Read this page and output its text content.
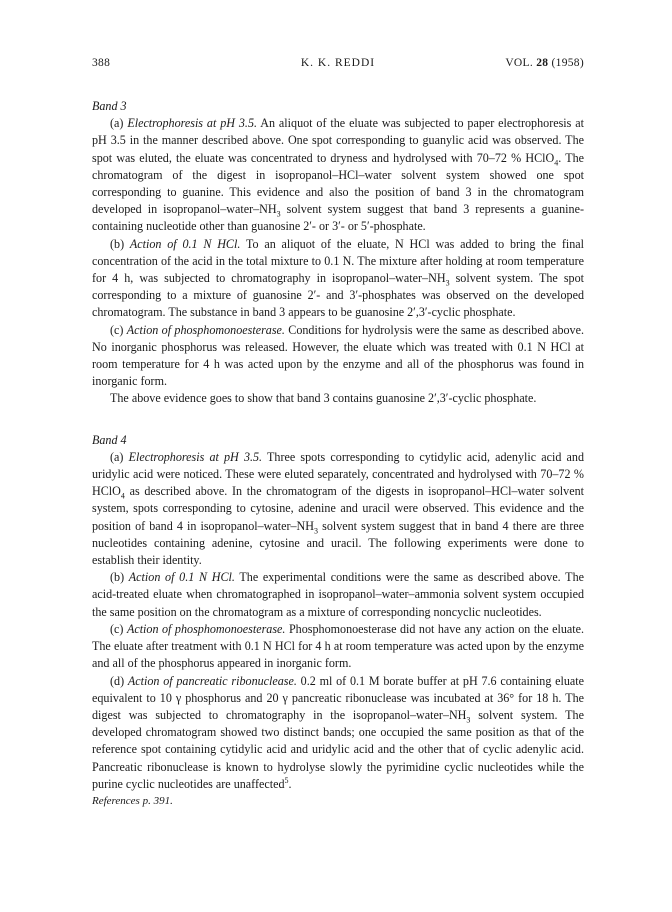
388	K. K. REDDI	VOL. 28 (1958)

Band 3

(a) Electrophoresis at pH 3.5. An aliquot of the eluate was subjected to paper electrophoresis at pH 3.5 in the manner described above. One spot corresponding to guanylic acid was observed. The spot was eluted, the eluate was concentrated to dryness and hydrolysed with 70–72 % HClO$_4$. The chromatogram of the digest in isopropanol–HCl–water solvent system showed one spot corresponding to guanine. This evidence and also the position of band 3 in the chromatogram developed in isopropanol–$water-NH_3$ solvent system suggest that band 3 represents a guanine-containing nucleotide other than guanosine 2′- or 3′- or 5′-phosphate.

(b) Action of 0.1 N HCl. To an aliquot of the eluate, N HCl was added to bring the final concentration of the acid in the total mixture to 0.1 N. The mixture after holding at room temperature for 4 h, was subjected to chromatography in isopropanol–$water-NH_3$ solvent system. The spot corresponding to a mixture of guanosine 2′- and 3′-phosphates was observed on the developed chromatogram. The substance in band 3 appears to be guanosine 2′,3′-cyclic phosphate.

(c) Action of phosphomonoesterase. Conditions for hydrolysis were the same as described above. No inorganic phosphorus was released. However, the eluate which was treated with 0.1 N HCl at room temperature for 4 h was acted upon by the enzyme and all of the phosphorus was found in inorganic form.

The above evidence goes to show that band 3 contains guanosine 2′,3′-cyclic phosphate.

Band 4

(a) Electrophoresis at pH 3.5. Three spots corresponding to cytidylic acid, adenylic acid and uridylic acid were noticed. These were eluted separately, concentrated and hydrolysed with 70–72 % HClO$_4$ as described above. In the chromatogram of the digests in isopropanol–HCl–water solvent system, spots corresponding to cytosine, adenine and uracil were observed. This evidence and the position of band 4 in isopropanol–$water-NH_3$ solvent system suggest that in band 4 there are three nucleotides containing adenine, cytosine and uracil. The following experiments were done to establish their identity.

(b) Action of 0.1 N HCl. The experimental conditions were the same as described above. The acid-treated eluate when chromatographed in isopropanol–water–ammonia solvent system occupied the same position on the chromatogram as a mixture of corresponding noncyclic nucleotides.

(c) Action of phosphomonoesterase. Phosphomonoesterase did not have any action on the eluate. The eluate after treatment with 0.1 N HCl for 4 h at room temperature was acted upon by the enzyme and all of the phosphorus appeared in inorganic form.

(d) Action of pancreatic ribonuclease. 0.2 ml of 0.1 M borate buffer at pH 7.6 containing eluate equivalent to 10 γ phosphorus and 20 γ pancreatic ribonuclease was incubated at 36° for 18 h. The digest was subjected to chromatography in the isopropanol–$water-NH_3$ solvent system. The developed chromatogram showed two distinct bands; one occupied the same position as that of the reference spot containing cytidylic acid and uridylic acid and the other that of cyclic adenylic acid. Pancreatic ribonuclease is known to hydrolyse slowly the pyrimidine cyclic nucleotides while the purine cyclic nucleotides are unaffected$^5$.

References p. 391.
